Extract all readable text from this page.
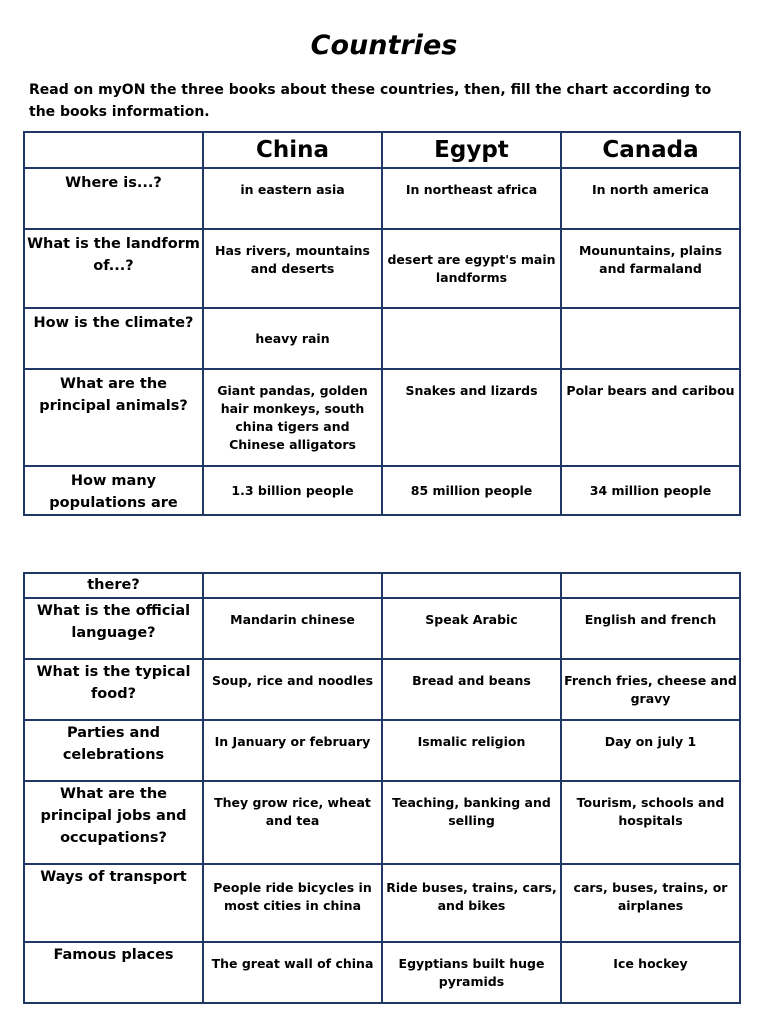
Countries
Read on myON the three books about these countries, then, fill the chart according to the books information.
	China	Egypt	Canada
Where is...?	in eastern asia	In northeast africa	In north america
What is the landform of...?	Has rivers, mountains and deserts	desert are egypt's main landforms	Moununtains, plains and farmaland
How is the climate?	heavy rain		
What are the principal animals?	Giant pandas, golden hair monkeys, south china tigers and Chinese alligators	Snakes and lizards	Polar bears and caribou
How many populations are	1.3 billion people	85 million people	34 million people
there?			
What is the official language?	Mandarin chinese	Speak Arabic	English and french
What is the typical food?	Soup, rice and noodles	Bread and beans	French fries, cheese and gravy
Parties and celebrations	In January or february	Ismalic religion	Day on july 1
What are the principal jobs and occupations?	They grow rice, wheat and tea	Teaching, banking and selling	Tourism, schools and hospitals
Ways of transport	People ride bicycles in most cities in china	Ride buses, trains, cars, and bikes	cars, buses, trains, or airplanes
Famous places	The great wall of china	Egyptians built huge pyramids	Ice hockey
